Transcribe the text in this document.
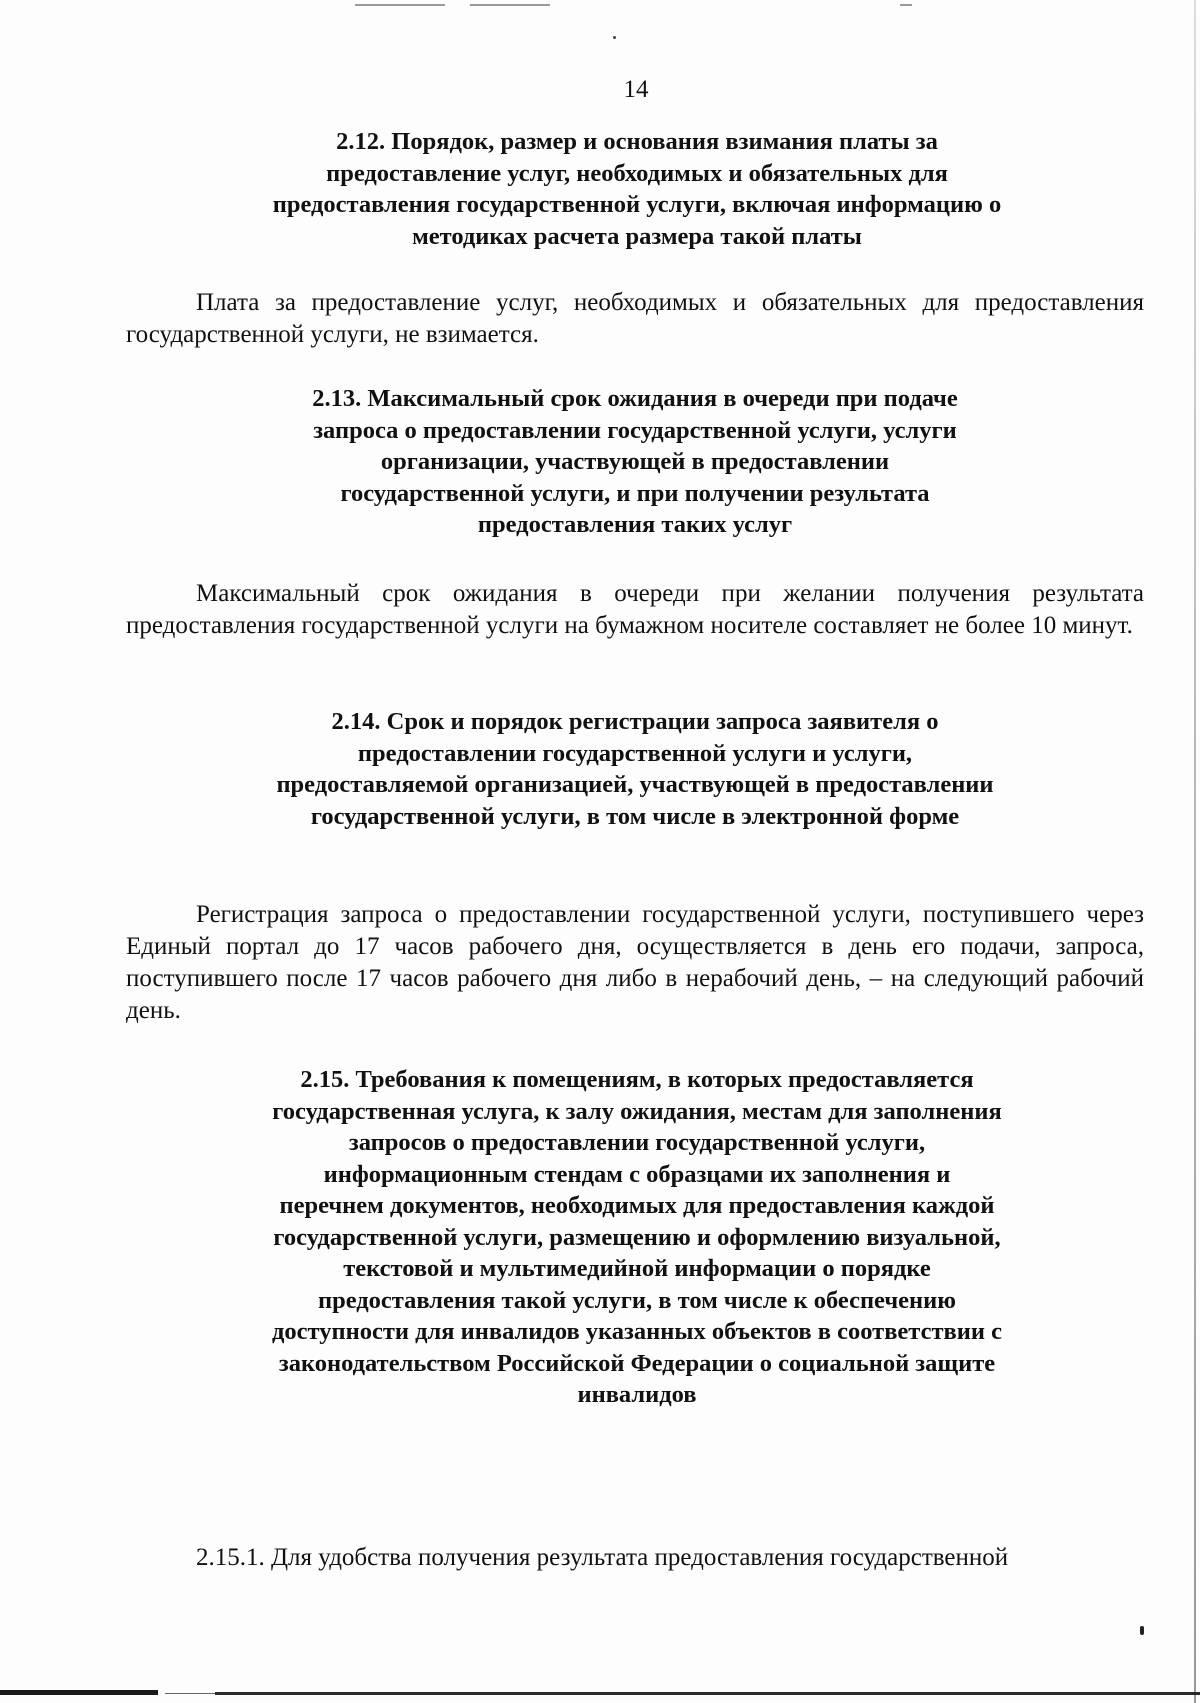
14
2.12. Порядок, размер и основания взимания платы за предоставление услуг, необходимых и обязательных для предоставления государственной услуги, включая информацию о методиках расчета размера такой платы

Плата за предоставление услуг, необходимых и обязательных для предоставления государственной услуги, не взимается.

2.13. Максимальный срок ожидания в очереди при подаче запроса о предоставлении государственной услуги, услуги организации, участвующей в предоставлении государственной услуги, и при получении результата предоставления таких услуг

Максимальный срок ожидания в очереди при желании получения результата предоставления государственной услуги на бумажном носителе составляет не более 10 минут.

2.14. Срок и порядок регистрации запроса заявителя о предоставлении государственной услуги и услуги, предоставляемой организацией, участвующей в предоставлении государственной услуги, в том числе в электронной форме

Регистрация запроса о предоставлении государственной услуги, поступившего через Единый портал до 17 часов рабочего дня, осуществляется в день его подачи, запроса, поступившего после 17 часов рабочего дня либо в нерабочий день, – на следующий рабочий день.

2.15. Требования к помещениям, в которых предоставляется государственная услуга, к залу ожидания, местам для заполнения запросов о предоставлении государственной услуги, информационным стендам с образцами их заполнения и перечнем документов, необходимых для предоставления каждой государственной услуги, размещению и оформлению визуальной, текстовой и мультимедийной информации о порядке предоставления такой услуги, в том числе к обеспечению доступности для инвалидов указанных объектов в соответствии с законодательством Российской Федерации о социальной защите инвалидов

2.15.1. Для удобства получения результата предоставления государственной
